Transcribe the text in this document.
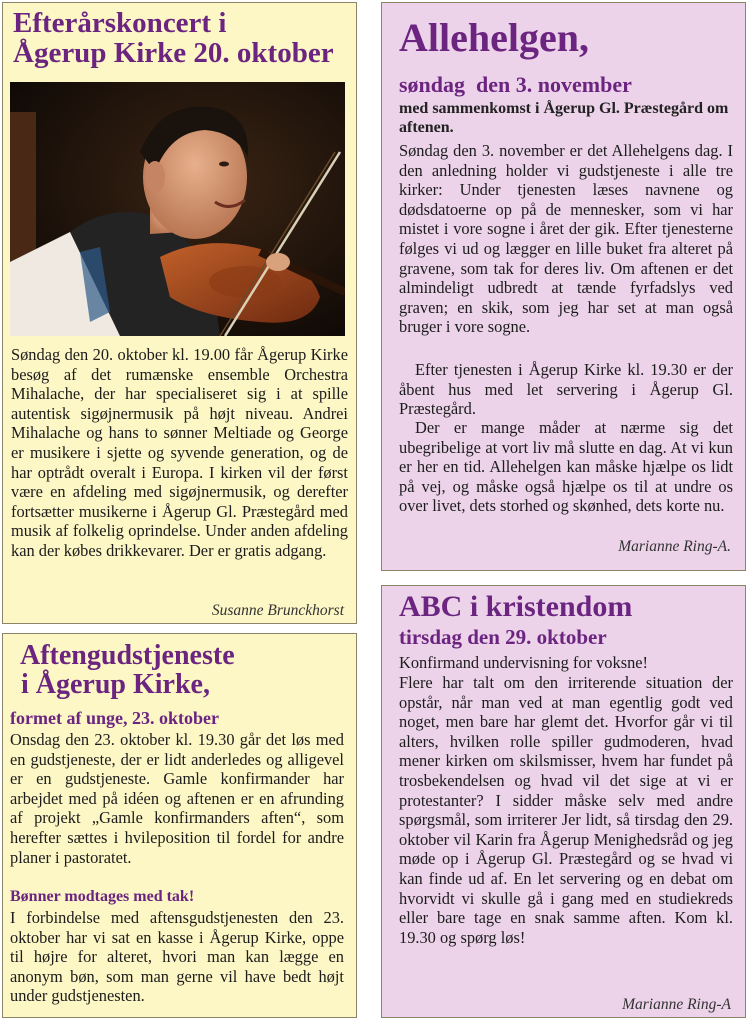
Efterårskoncert i
Ågerup Kirke 20. oktober

Søndag den 20. oktober kl. 19.00 får Ågerup Kirke besøg af det rumænske ensemble Orchestra Mihalache, der har specialiseret sig i at spille autentisk sigøjnermusik på højt niveau. Andrei Mihalache og hans to sønner Meltiade og George er musikere i sjette og syvende generation, og de har optrådt overalt i Europa. I kirken vil der først være en afdeling med sigøjnermusik, og derefter fortsætter musikerne i Ågerup Gl. Præstegård med musik af folkelig oprindelse. Under anden afdeling kan der købes drikkevarer. Der er gratis adgang.

Susanne Brunckhorst

Aftengudstjeneste
i Ågerup Kirke,
formet af unge, 23. oktober

Onsdag den 23. oktober kl. 19.30 går det løs med en gudstjeneste, der er lidt anderledes og alligevel er en gudstjeneste. Gamle konfirmander har arbejdet med på idéen og aftenen er en afrunding af projekt „Gamle konfirmanders aften“, som herefter sættes i hvileposition til fordel for andre planer i pastoratet.

Bønner modtages med tak!

I forbindelse med aftensgudstjenesten den 23. oktober har vi sat en kasse i Ågerup Kirke, oppe til højre for alteret, hvori man kan lægge en anonym bøn, som man gerne vil have bedt højt under gudstjenesten.

Allehelgen,
søndag  den 3. november
med sammenkomst i Ågerup Gl. Præstegård om aftenen.

Søndag den 3. november er det Allehelgens dag. I den anledning holder vi gudstjeneste i alle tre kirker: Under tjenesten læses navnene og dødsdatoerne op på de mennesker, som vi har mistet i vore sogne i året der gik. Efter tjenesterne følges vi ud og lægger en lille buket fra alteret på gravene, som tak for deres liv. Om aftenen er det almindeligt udbredt at tænde fyrfadslys ved graven; en skik, som jeg har set at man også bruger i vore sogne.

Efter tjenesten i Ågerup Kirke kl. 19.30 er der åbent hus med let servering i Ågerup Gl. Præstegård.

Der er mange måder at nærme sig det ubegribelige at vort liv må slutte en dag. At vi kun er her en tid. Allehelgen kan måske hjælpe os lidt på vej, og måske også hjælpe os til at undre os over livet, dets storhed og skønhed, dets korte nu.

Marianne Ring-A.

ABC i kristendom
tirsdag den 29. oktober

Konfirmand undervisning for voksne!

Flere har talt om den irriterende situation der opstår, når man ved at man egentlig godt ved noget, men bare har glemt det. Hvorfor går vi til alters, hvilken rolle spiller gudmoderen, hvad mener kirken om skilsmisser, hvem har fundet på trosbekendelsen og hvad vil det sige at vi er protestanter? I sidder måske selv med andre spørgsmål, som irriterer Jer lidt, så tirsdag den 29. oktober vil Karin fra Ågerup Menighedsråd og jeg møde op i Ågerup Gl. Præstegård og se hvad vi kan finde ud af. En let servering og en debat om hvorvidt vi skulle gå i gang med en studiekreds eller bare tage en snak samme aften. Kom kl. 19.30 og spørg løs!

Marianne Ring-A
